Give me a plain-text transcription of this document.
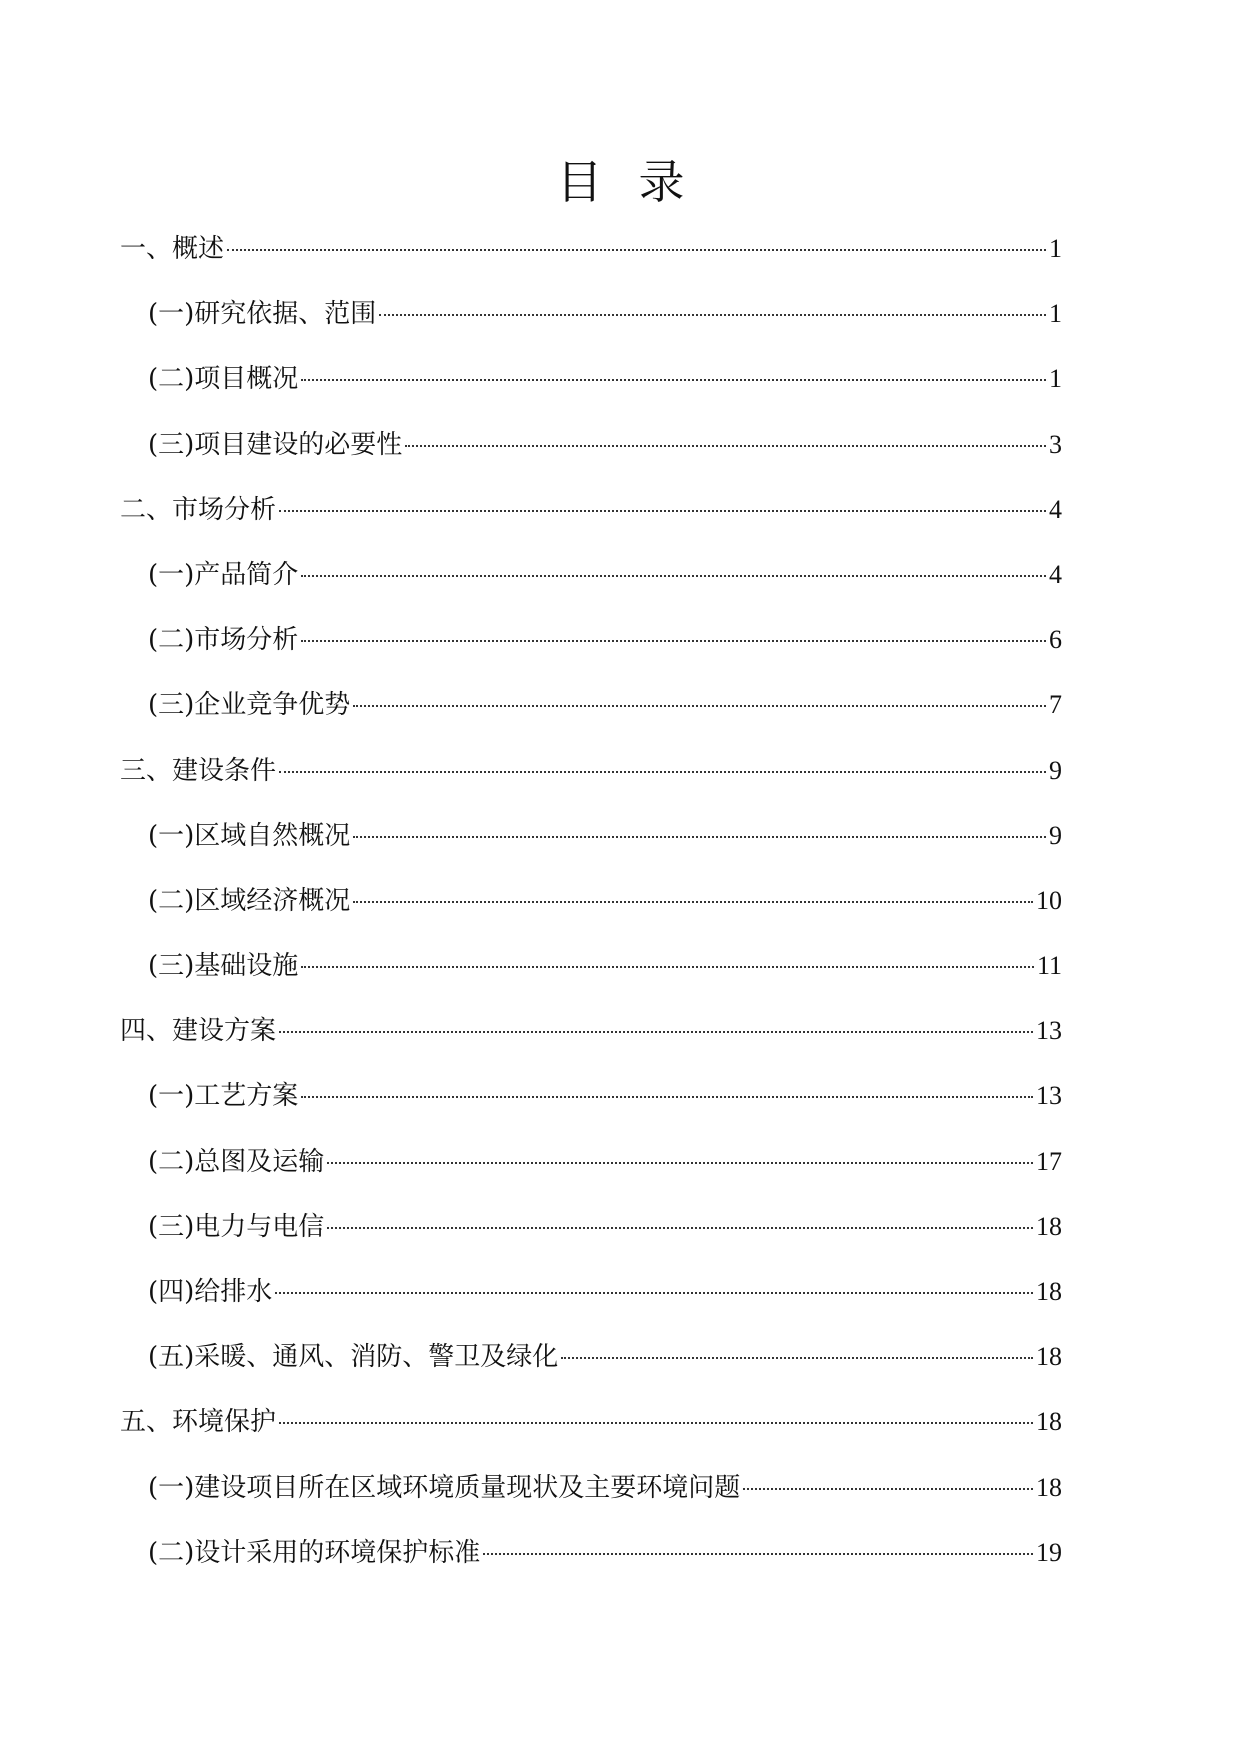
目录
一、概述	1
(一)研究依据、范围	1
(二)项目概况	1
(三)项目建设的必要性	3
二、市场分析	4
(一)产品简介	4
(二)市场分析	6
(三)企业竞争优势	7
三、建设条件	9
(一)区域自然概况	9
(二)区域经济概况	10
(三)基础设施	11
四、建设方案	13
(一)工艺方案	13
(二)总图及运输	17
(三)电力与电信	18
(四)给排水	18
(五)采暖、通风、消防、警卫及绿化	18
五、环境保护	18
(一)建设项目所在区域环境质量现状及主要环境问题	18
(二)设计采用的环境保护标准	19
